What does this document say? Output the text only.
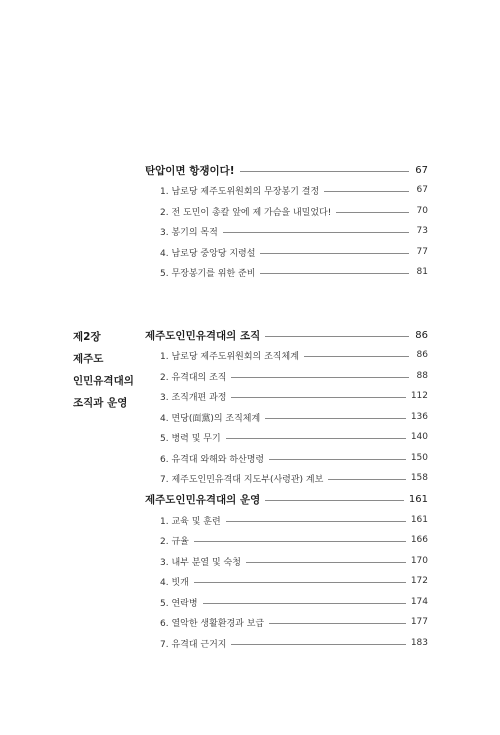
탄압이면 항쟁이다!	67
1. 남로당 제주도위원회의 무장봉기 결정	67
2. 전 도민이 총칼 앞에 제 가슴을 내밀었다!	70
3. 봉기의 목적	73
4. 남로당 중앙당 지령설	77
5. 무장봉기를 위한 준비	81
제2장
제주도
인민유격대의
조직과 운영
제주도인민유격대의 조직	86
1. 남로당 제주도위원회의 조직체계	86
2. 유격대의 조직	88
3. 조직개편 과정	112
4. 면당(面黨)의 조직체계	136
5. 병력 및 무기	140
6. 유격대 와해와 하산명령	150
7. 제주도인민유격대 지도부(사령관) 계보	158
제주도인민유격대의 운영	161
1. 교육 및 훈련	161
2. 규율	166
3. 내부 분열 및 숙청	170
4. 빗개	172
5. 연락병	174
6. 열악한 생활환경과 보급	177
7. 유격대 근거지	183
